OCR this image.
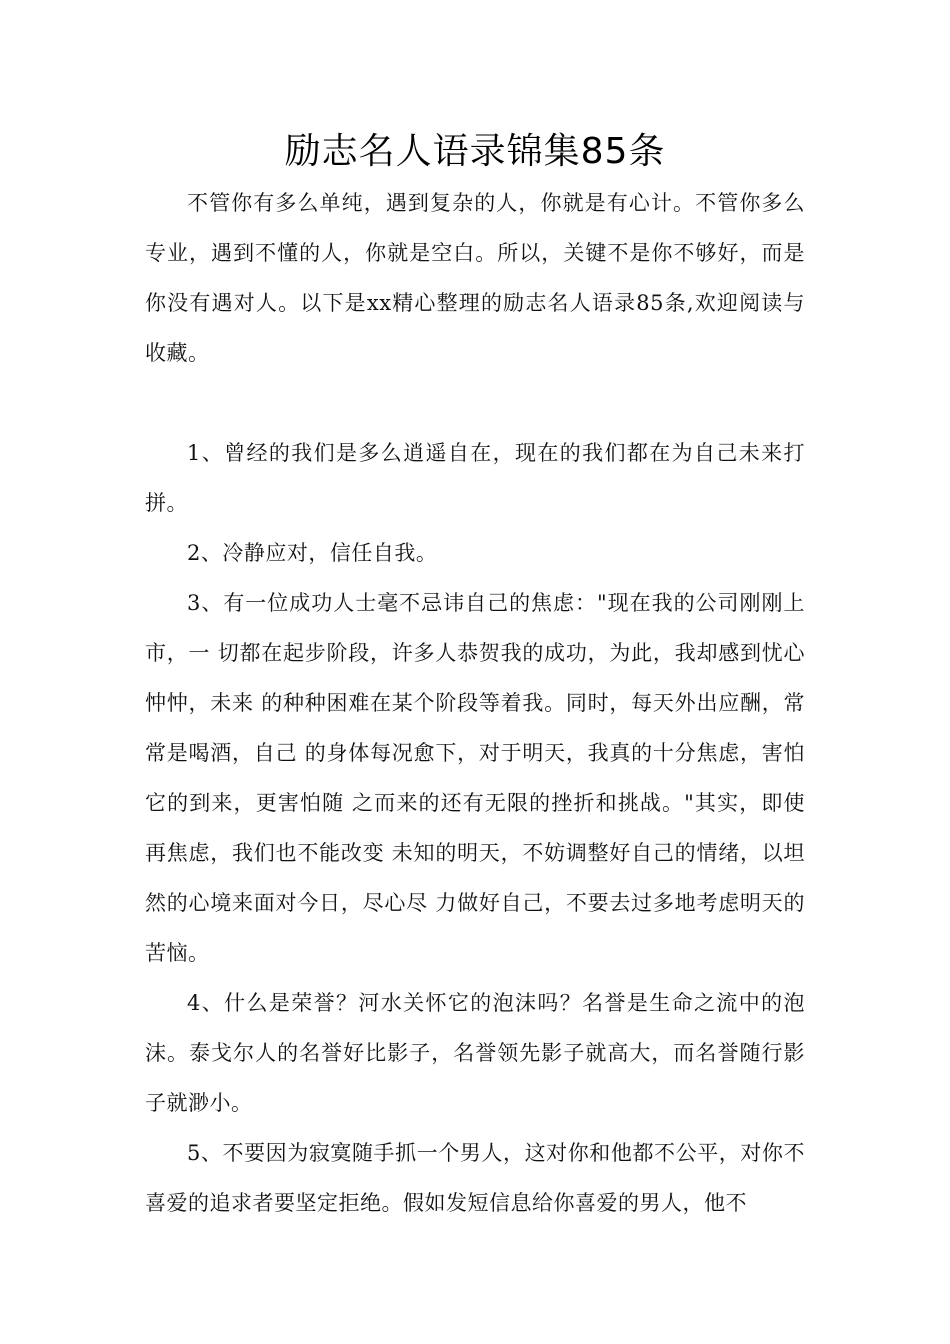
励志名人语录锦集85条

不管你有多么单纯，遇到复杂的人，你就是有心计。不管你多么专业，遇到不懂的人，你就是空白。所以，关键不是你不够好，而是你没有遇对人。以下是xx精心整理的励志名人语录85条,欢迎阅读与收藏。

1、曾经的我们是多么逍遥自在，现在的我们都在为自己未来打拼。

2、冷静应对，信任自我。

3、有一位成功人士毫不忌讳自己的焦虑："现在我的公司刚刚上市，一 切都在起步阶段，许多人恭贺我的成功，为此，我却感到忧心忡忡，未来 的种种困难在某个阶段等着我。同时，每天外出应酬，常常是喝酒，自己 的身体每况愈下，对于明天，我真的十分焦虑，害怕它的到来，更害怕随 之而来的还有无限的挫折和挑战。"其实，即使再焦虑，我们也不能改变 未知的明天，不妨调整好自己的情绪，以坦然的心境来面对今日，尽心尽 力做好自己，不要去过多地考虑明天的苦恼。

4、什么是荣誉？河水关怀它的泡沫吗？名誉是生命之流中的泡沫。泰戈尔人的名誉好比影子，名誉领先影子就高大，而名誉随行影子就渺小。

5、不要因为寂寞随手抓一个男人，这对你和他都不公平，对你不喜爱的追求者要坚定拒绝。假如发短信息给你喜爱的男人，他不
